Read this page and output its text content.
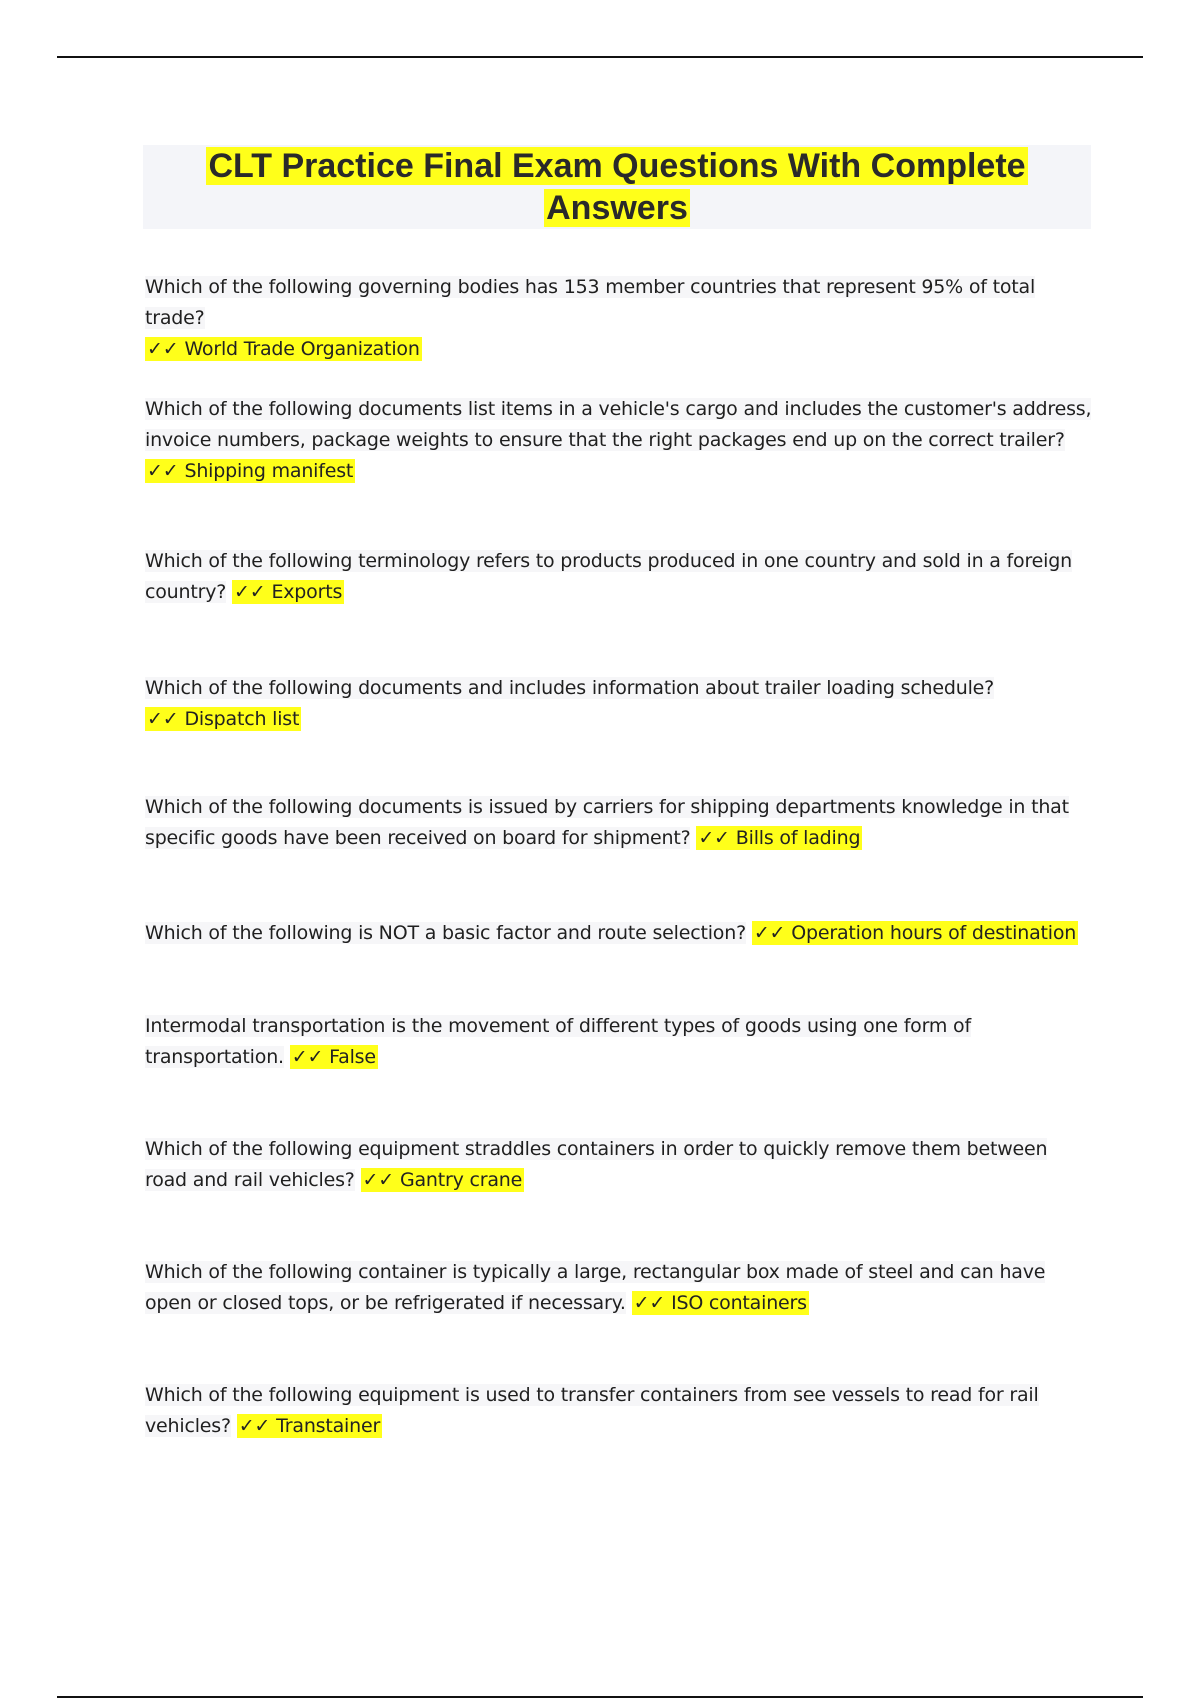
CLT Practice Final Exam Questions With Complete
Answers
Which of the following governing bodies has 153 member countries that represent 95% of total trade?
✓✓ World Trade Organization
Which of the following documents list items in a vehicle's cargo and includes the customer's address, invoice numbers, package weights to ensure that the right packages end up on the correct trailer? ✓✓ Shipping manifest
Which of the following terminology refers to products produced in one country and sold in a foreign country? ✓✓ Exports
Which of the following documents and includes information about trailer loading schedule? ✓✓ Dispatch list
Which of the following documents is issued by carriers for shipping departments knowledge in that specific goods have been received on board for shipment? ✓✓ Bills of lading
Which of the following is NOT a basic factor and route selection? ✓✓ Operation hours of destination
Intermodal transportation is the movement of different types of goods using one form of transportation. ✓✓ False
Which of the following equipment straddles containers in order to quickly remove them between road and rail vehicles? ✓✓ Gantry crane
Which of the following container is typically a large, rectangular box made of steel and can have open or closed tops, or be refrigerated if necessary. ✓✓ ISO containers
Which of the following equipment is used to transfer containers from see vessels to read for rail vehicles? ✓✓ Transtainer
